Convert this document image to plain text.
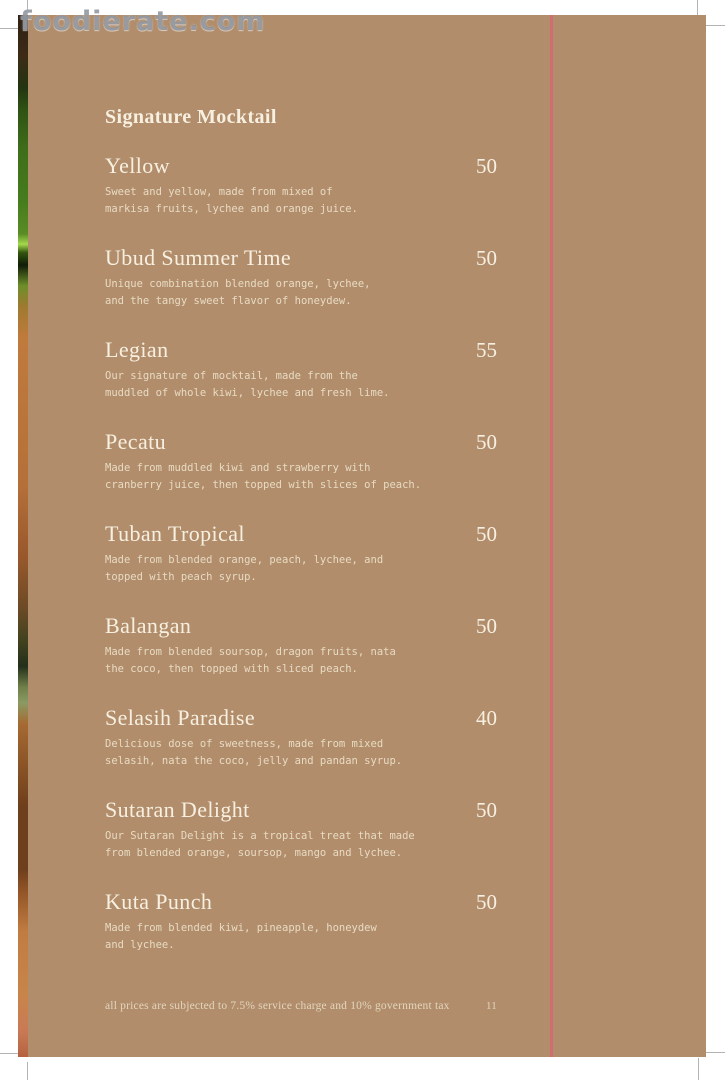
Signature Mocktail
Yellow	50
Sweet and yellow, made from mixed of
markisa fruits, lychee and orange juice.
Ubud Summer Time	50
Unique combination blended orange, lychee,
and the tangy sweet flavor of honeydew.
Legian	55
Our signature of mocktail, made from the
muddled of whole kiwi, lychee and fresh lime.
Pecatu	50
Made from muddled kiwi and strawberry with
cranberry juice, then topped with slices of peach.
Tuban Tropical	50
Made from blended orange, peach, lychee, and
topped with peach syrup.
Balangan	50
Made from blended soursop, dragon fruits, nata
the coco, then topped with sliced peach.
Selasih Paradise	40
Delicious dose of sweetness, made from mixed
selasih, nata the coco, jelly and pandan syrup.
Sutaran Delight	50
Our Sutaran Delight is a tropical treat that made
from blended orange, soursop, mango and lychee.
Kuta Punch	50
Made from blended kiwi, pineapple, honeydew
and lychee.
all prices are subjected to 7.5% service charge and 10% government tax	11
foodierate.com
